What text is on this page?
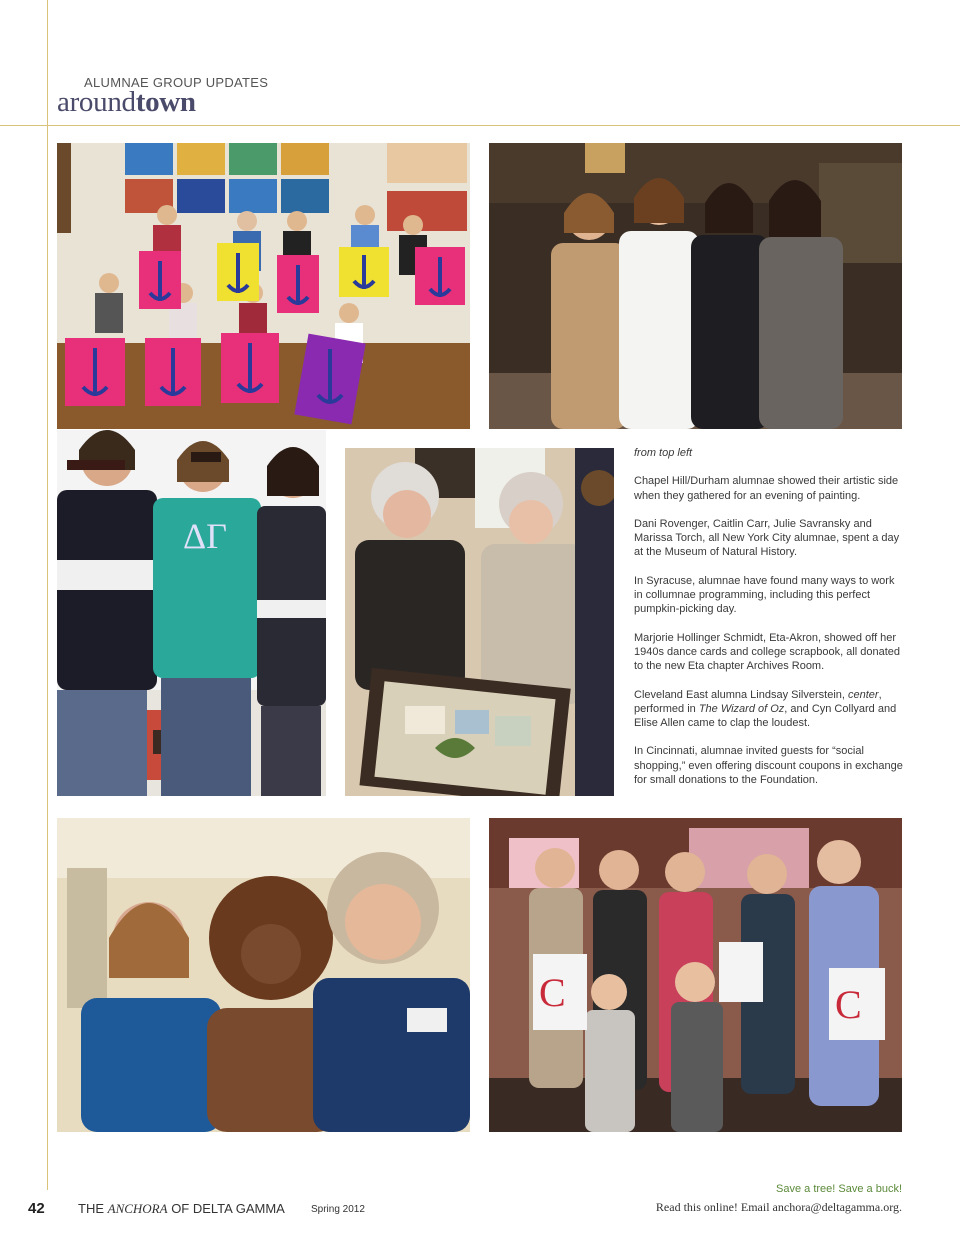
ALUMNAE GROUP UPDATES
aroundtown
ΔΓ

from top left

Chapel Hill/Durham alumnae showed their artistic side when they gathered for an evening of painting.

Dani Rovenger, Caitlin Carr, Julie Savransky and Marissa Torch, all New York City alumnae, spent a day at the Museum of Natural History.

In Syracuse, alumnae have found many ways to work in collumnae programming, including this perfect pumpkin-picking day.

Marjorie Hollinger Schmidt, Eta-Akron, showed off her 1940s dance cards and college scrapbook, all donated to the new Eta chapter Archives Room.

Cleveland East alumna Lindsay Silverstein, center, performed in The Wizard of Oz, and Cyn Collyard and Elise Allen came to clap the loudest.

In Cincinnati, alumnae invited guests for “social shopping,” even offering discount coupons in exchange for small donations to the Foundation.

C	C
42	THE ANCHORA OF DELTA GAMMA	Spring 2012
Save a tree! Save a buck!
Read this online! Email anchora@deltagamma.org.
